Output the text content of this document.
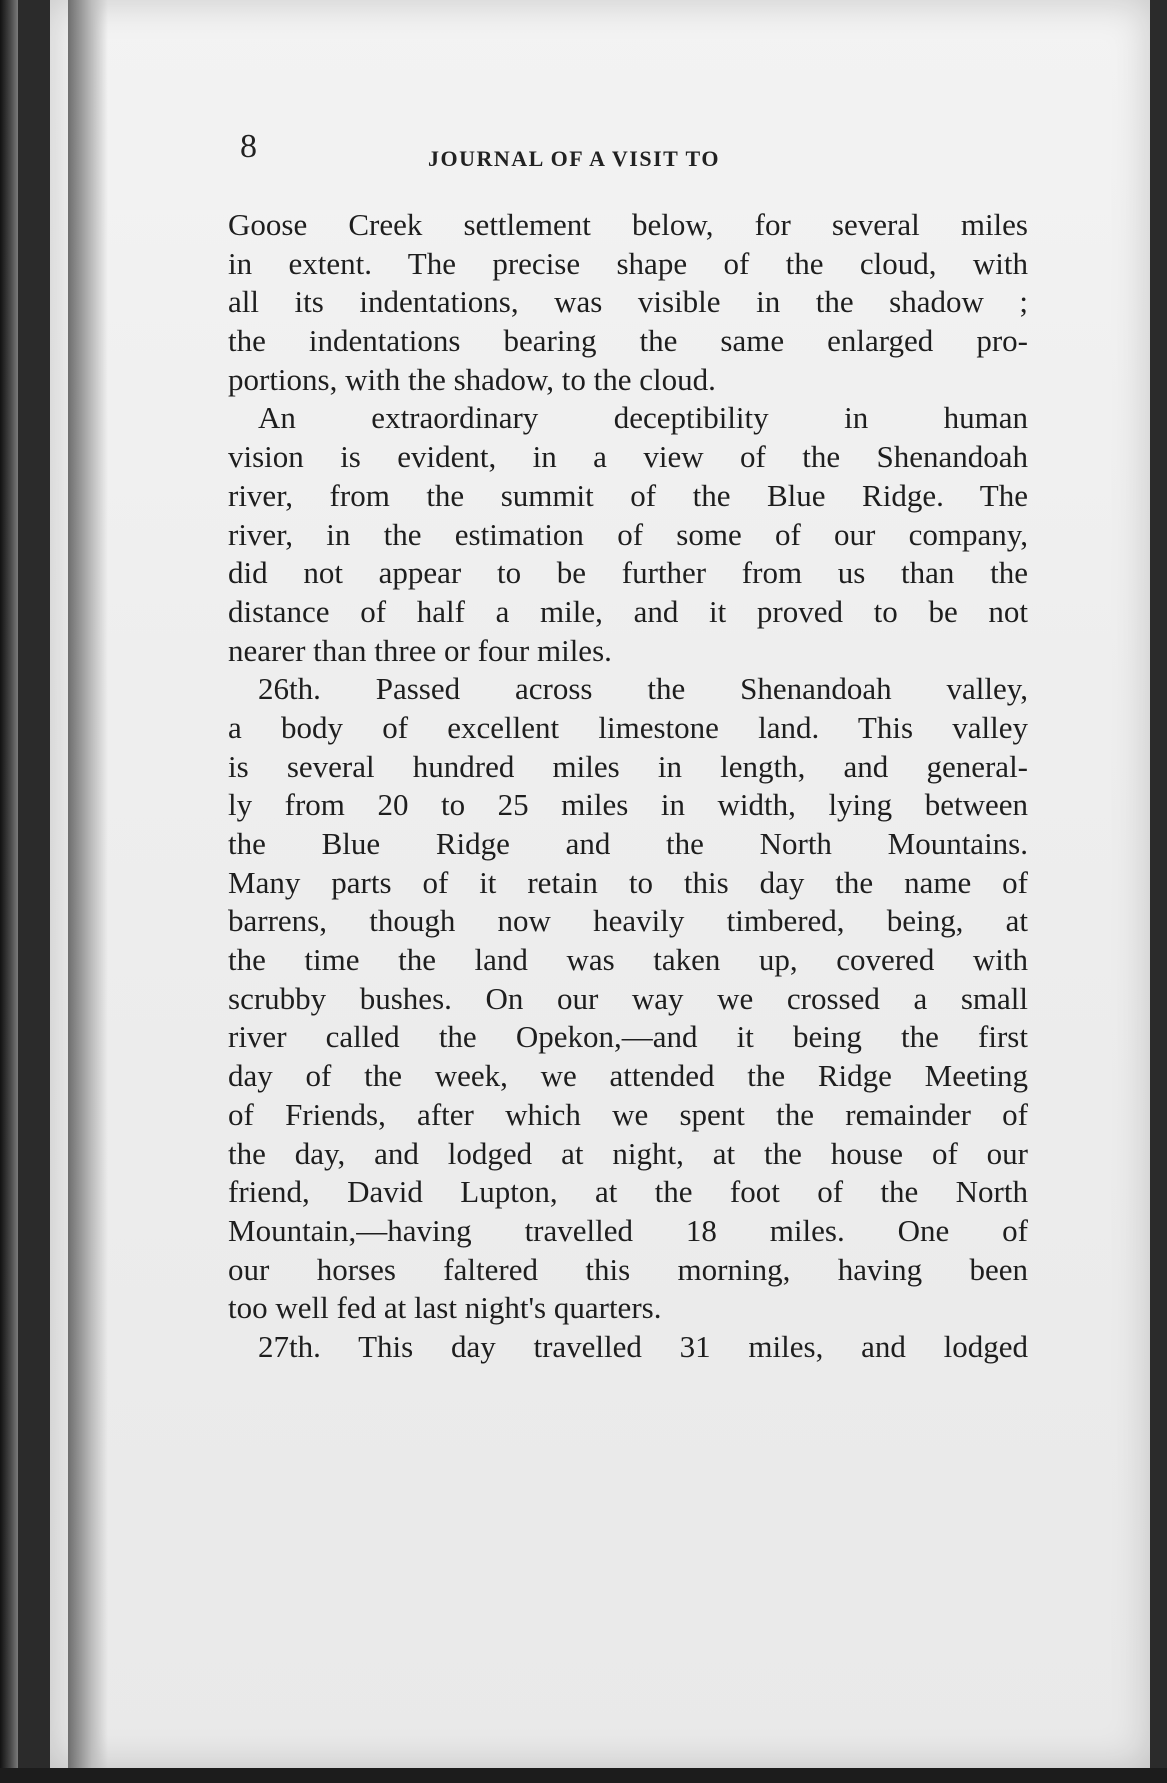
8	JOURNAL OF A VISIT TO
Goose Creek settlement below, for several miles
in extent. The precise shape of the cloud, with
all its indentations, was visible in the shadow ;
the indentations bearing the same enlarged pro-
portions, with the shadow, to the cloud.
An extraordinary deceptibility in human
vision is evident, in a view of the Shenandoah
river, from the summit of the Blue Ridge. The
river, in the estimation of some of our company,
did not appear to be further from us than the
distance of half a mile, and it proved to be not
nearer than three or four miles.
26th. Passed across the Shenandoah valley,
a body of excellent limestone land. This valley
is several hundred miles in length, and general-
ly from 20 to 25 miles in width, lying between
the Blue Ridge and the North Mountains.
Many parts of it retain to this day the name of
barrens, though now heavily timbered, being, at
the time the land was taken up, covered with
scrubby bushes. On our way we crossed a small
river called the Opekon,—and it being the first
day of the week, we attended the Ridge Meeting
of Friends, after which we spent the remainder of
the day, and lodged at night, at the house of our
friend, David Lupton, at the foot of the North
Mountain,—having travelled 18 miles. One of
our horses faltered this morning, having been
too well fed at last night's quarters.
27th. This day travelled 31 miles, and lodged
